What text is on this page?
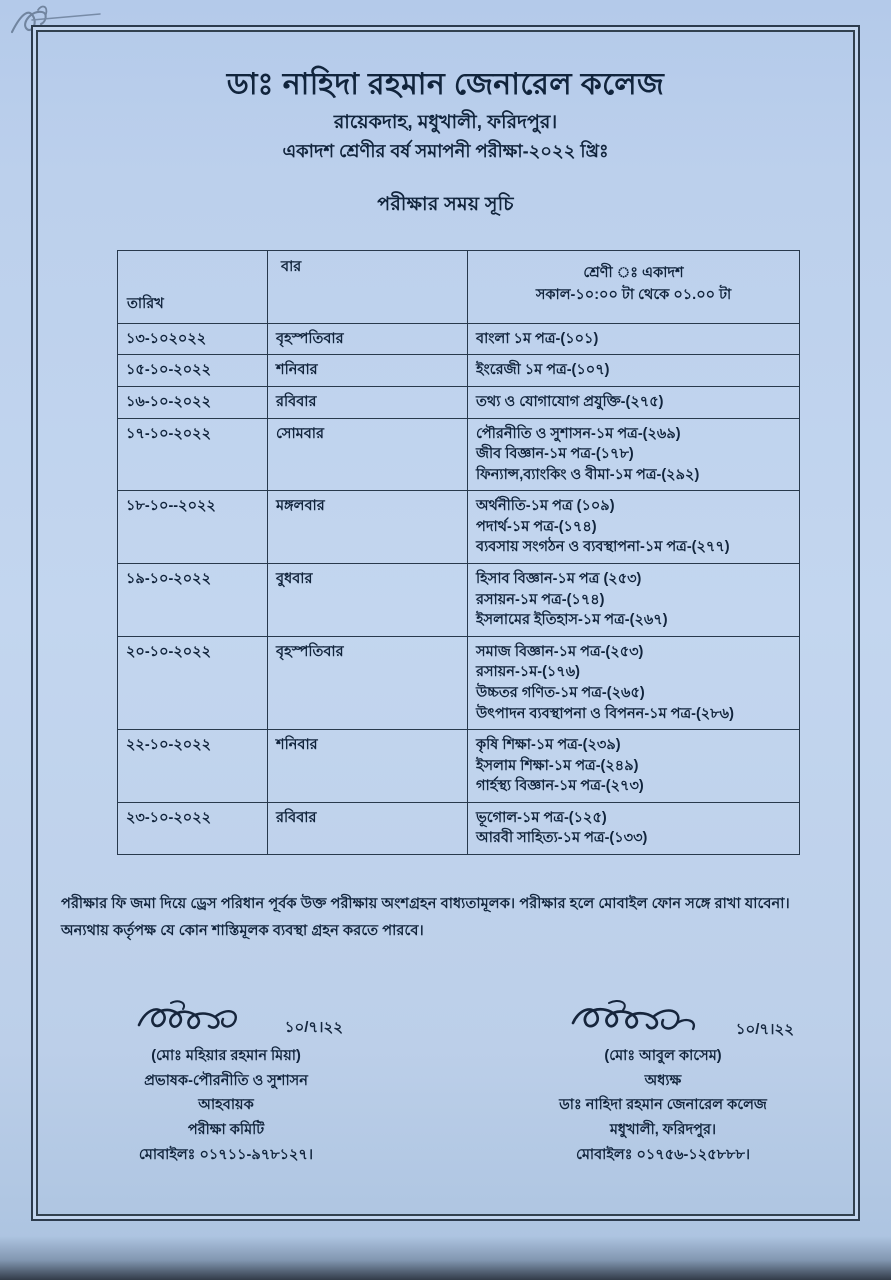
ডাঃ নাহিদা রহমান জেনারেল কলেজ
রায়েকদাহ, মধুখালী, ফরিদপুর।
একাদশ শ্রেণীর বর্ষ সমাপনী পরীক্ষা-২০২২ খ্রিঃ
পরীক্ষার সময় সূচি
তারিখ	বার	শ্রেণী ঃ একাদশ
সকাল-১০:০০ টা থেকে ০১.০০ টা

১৩-১০২০২২	বৃহস্পতিবার	বাংলা ১ম পত্র-(১০১)

১৫-১০-২০২২	শনিবার	ইংরেজী ১ম পত্র-(১০৭)

১৬-১০-২০২২	রবিবার	তথ্য ও যোগাযোগ প্রযুক্তি-(২৭৫)

১৭-১০-২০২২	সোমবার	পৌরনীতি ও সুশাসন-১ম পত্র-(২৬৯)
জীব বিজ্ঞান-১ম পত্র-(১৭৮)
ফিন্যান্স,ব্যাংকিং ও বীমা-১ম পত্র-(২৯২)

১৮-১০--২০২২	মঙ্গলবার	অর্থনীতি-১ম পত্র (১০৯)
পদার্থ-১ম পত্র-(১৭৪)
ব্যবসায় সংগঠন ও ব্যবস্থাপনা-১ম পত্র-(২৭৭)

১৯-১০-২০২২	বুধবার	হিসাব বিজ্ঞান-১ম পত্র (২৫৩)
রসায়ন-১ম পত্র-(১৭৪)
ইসলামের ইতিহাস-১ম পত্র-(২৬৭)

২০-১০-২০২২	বৃহস্পতিবার	সমাজ বিজ্ঞান-১ম পত্র-(২৫৩)
রসায়ন-১ম-(১৭৬)
উচ্চতর গণিত-১ম পত্র-(২৬৫)
উৎপাদন ব্যবস্থাপনা ও বিপনন-১ম পত্র-(২৮৬)

২২-১০-২০২২	শনিবার	কৃষি শিক্ষা-১ম পত্র-(২৩৯)
ইসলাম শিক্ষা-১ম পত্র-(২৪৯)
গার্হস্থ্য বিজ্ঞান-১ম পত্র-(২৭৩)

২৩-১০-২০২২	রবিবার	ভূগোল-১ম পত্র-(১২৫)
আরবী সাহিত্য-১ম পত্র-(১৩৩)

পরীক্ষার ফি জমা দিয়ে ড্রেস পরিধান পূর্বক উক্ত পরীক্ষায় অংশগ্রহন বাধ্যতামূলক। পরীক্ষার হলে মোবাইল ফোন সঙ্গে রাখা যাবেনা।

অন্যথায় কর্তৃপক্ষ যে কোন শাস্তিমূলক ব্যবস্থা গ্রহন করতে পারবে।

১০/৭।২২
(মোঃ মহিয়ার রহমান মিয়া)
প্রভাষক-পৌরনীতি ও সুশাসন
আহবায়ক
পরীক্ষা কমিটি
মোবাইলঃ ০১৭১১-৯৭৮১২৭।
১০/৭।২২
(মোঃ আবুল কাসেম)
অধ্যক্ষ
ডাঃ নাহিদা রহমান জেনারেল কলেজ
মধুখালী, ফরিদপুর।
মোবাইলঃ ০১৭৫৬-১২৫৮৮৮।
